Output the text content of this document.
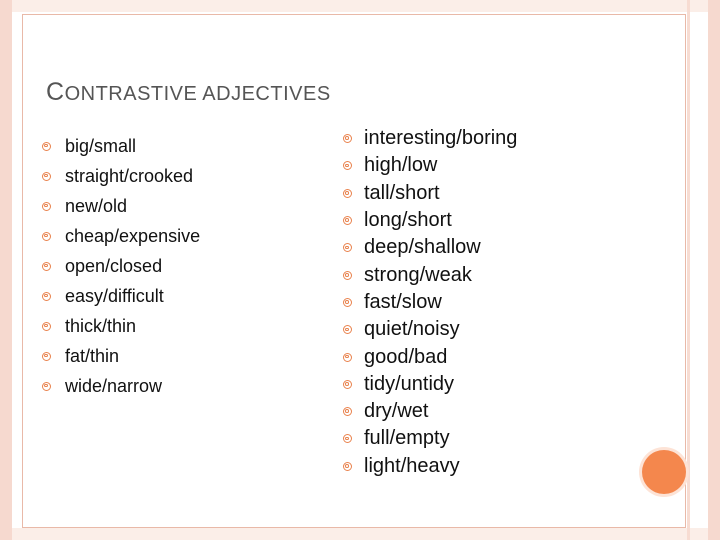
CONTRASTIVE ADJECTIVES
big/small
straight/crooked
new/old
cheap/expensive
open/closed
easy/difficult
thick/thin
fat/thin
wide/narrow
interesting/boring
high/low
tall/short
long/short
deep/shallow
strong/weak
fast/slow
quiet/noisy
good/bad
tidy/untidy
dry/wet
full/empty
light/heavy
